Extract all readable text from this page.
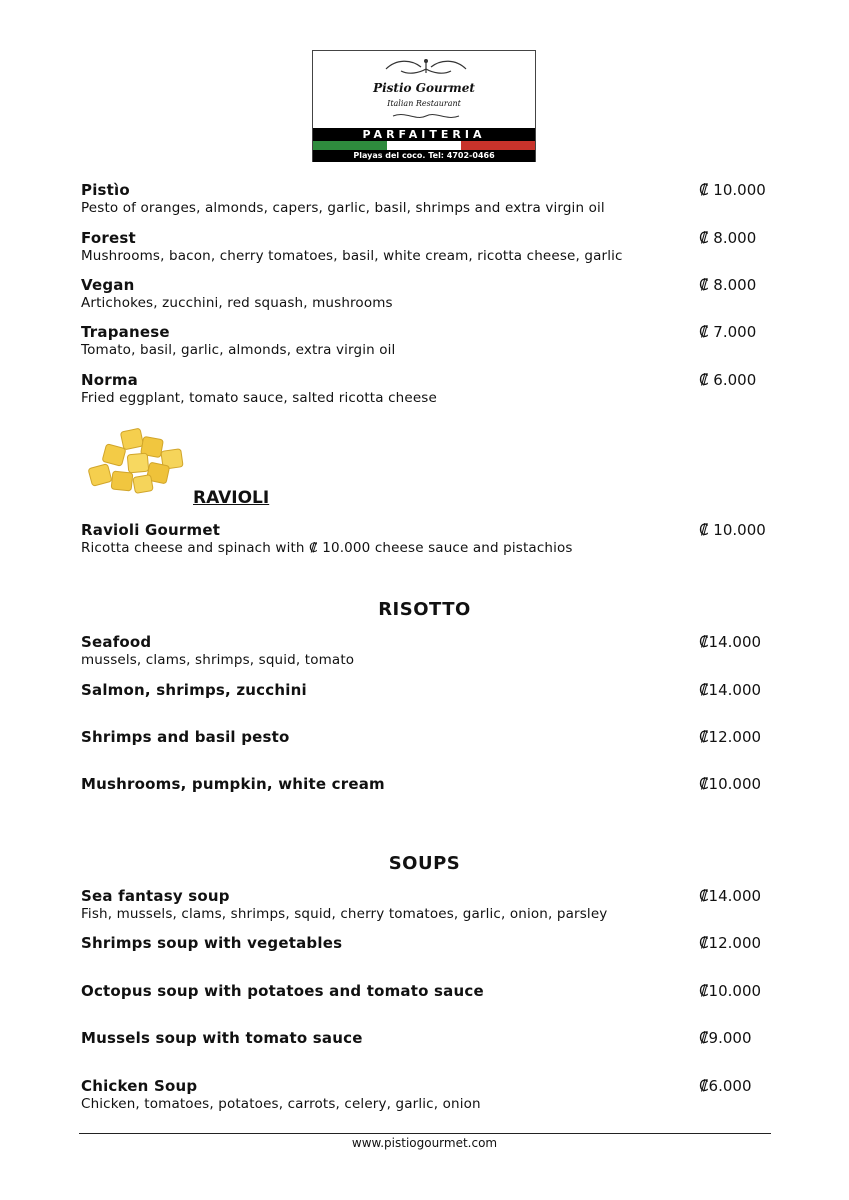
Pistio Gourmet
Italian Restaurant
PARFAITERIA
Playas del coco. Tel: 4702-0466
Pistìo
Pesto of oranges, almonds, capers, garlic, basil, shrimps and extra virgin oil
₡ 10.000
Forest
Mushrooms, bacon, cherry tomatoes, basil, white cream, ricotta cheese, garlic
₡ 8.000
Vegan
Artichokes, zucchini, red squash, mushrooms
₡ 8.000
Trapanese
Tomato, basil, garlic, almonds, extra virgin oil
₡ 7.000
Norma
Fried eggplant, tomato sauce, salted ricotta cheese
₡ 6.000
RAVIOLI
Ravioli Gourmet
Ricotta cheese and spinach with ₡ 10.000 cheese sauce and pistachios
₡ 10.000
RISOTTO
Seafood
mussels, clams, shrimps, squid, tomato
₡14.000
Salmon, shrimps, zucchini	₡14.000
Shrimps and basil pesto	₡12.000
Mushrooms, pumpkin, white cream	₡10.000
SOUPS
Sea fantasy soup
Fish, mussels, clams, shrimps, squid, cherry tomatoes, garlic, onion, parsley
₡14.000
Shrimps soup with vegetables	₡12.000
Octopus soup with potatoes and tomato sauce	₡10.000
Mussels soup with tomato sauce	₡9.000
Chicken Soup
Chicken, tomatoes, potatoes, carrots, celery, garlic, onion
₡6.000
www.pistiogourmet.com
